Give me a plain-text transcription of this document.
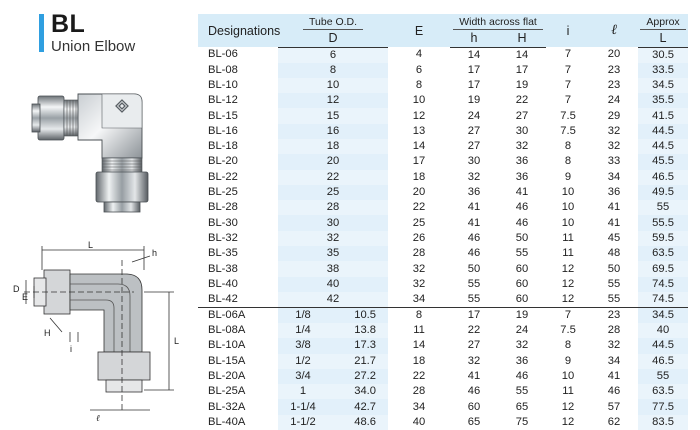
BL
Union Elbow
L
h
D
E
H
i
L
ℓ
Designations	Tube O.D.		E	Width across flat		i	ℓ	Approx
	D			h	H			L
BL-06	6		4	14	14	7	20	30.5
BL-08	8		6	17	17	7	23	33.5
BL-10	10		8	17	19	7	23	34.5
BL-12	12		10	19	22	7	24	35.5
BL-15	15		12	24	27	7.5	29	41.5
BL-16	16		13	27	30	7.5	32	44.5
BL-18	18		14	27	32	8	32	44.5
BL-20	20		17	30	36	8	33	45.5
BL-22	22		18	32	36	9	34	46.5
BL-25	25		20	36	41	10	36	49.5
BL-28	28		22	41	46	10	41	55
BL-30	30		25	41	46	10	41	55.5
BL-32	32		26	46	50	11	45	59.5
BL-35	35		28	46	55	11	48	63.5
BL-38	38		32	50	60	12	50	69.5
BL-40	40		32	55	60	12	55	74.5
BL-42	42		34	55	60	12	55	74.5
BL-06A	1/8	10.5	8	17	19	7	23	34.5
BL-08A	1/4	13.8	11	22	24	7.5	28	40
BL-10A	3/8	17.3	14	27	32	8	32	44.5
BL-15A	1/2	21.7	18	32	36	9	34	46.5
BL-20A	3/4	27.2	22	41	46	10	41	55
BL-25A	1	34.0	28	46	55	11	46	63.5
BL-32A	1-1/4	42.7	34	60	65	12	57	77.5
BL-40A	1-1/2	48.6	40	65	75	12	62	83.5
